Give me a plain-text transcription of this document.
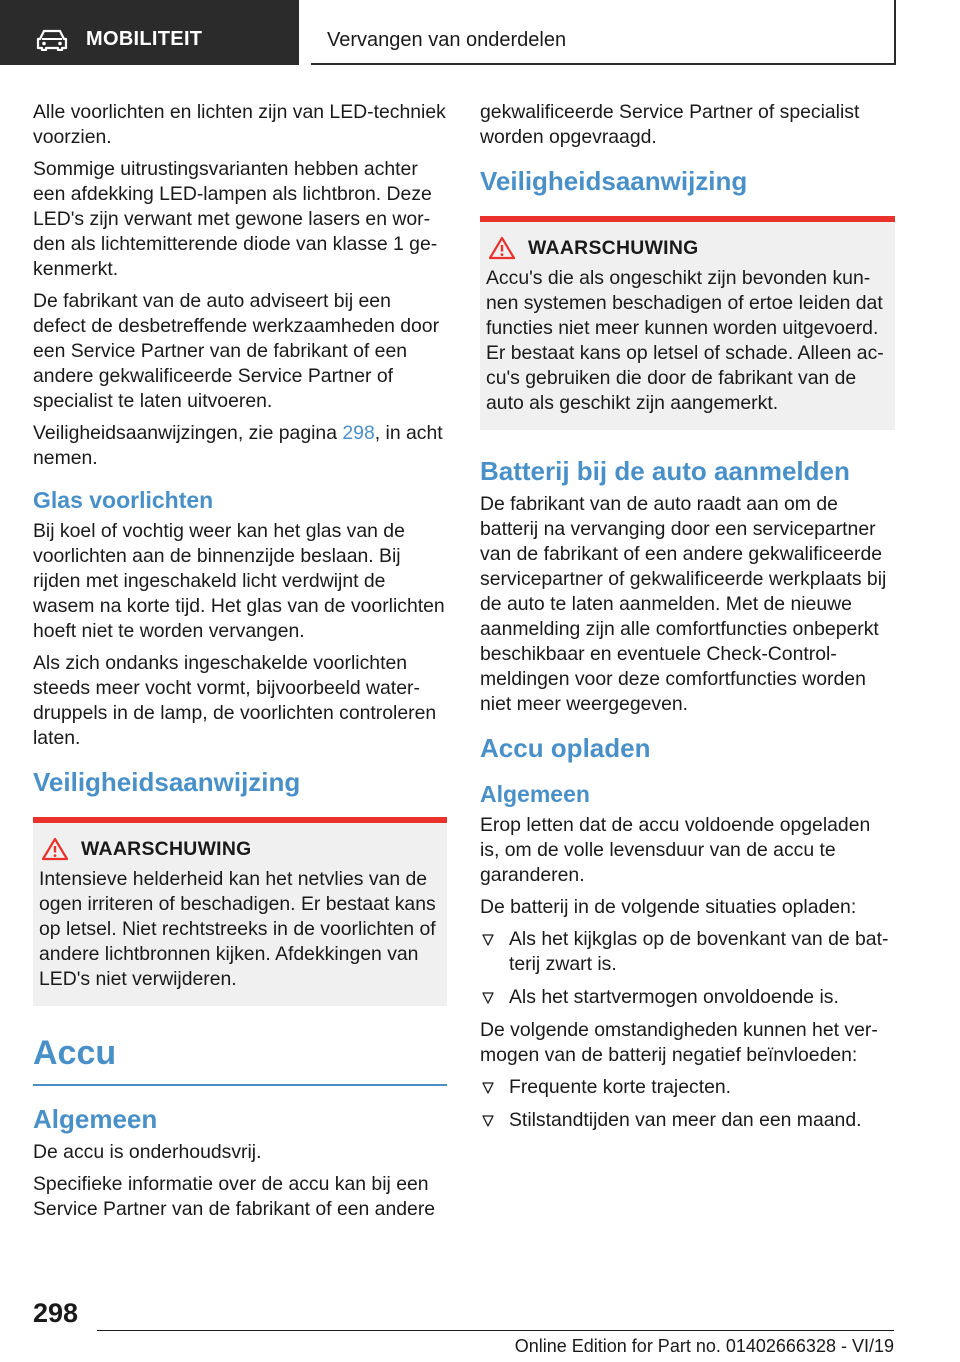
MOBILITEIT	Vervangen van onderdelen

Alle voorlichten en lichten zijn van LED-techniek voorzien.

Sommige uitrustingsvarianten hebben achter een afdekking LED-lampen als lichtbron. Deze LED's zijn verwant met gewone lasers en worden als lichtemitterende diode van klasse 1 gekenmerkt.

De fabrikant van de auto adviseert bij een defect de desbetreffende werkzaamheden door een Service Partner van de fabrikant of een andere gekwalificeerde Service Partner of specialist te laten uitvoeren.

Veiligheidsaanwijzingen, zie pagina 298, in acht nemen.

Glas voorlichten

Bij koel of vochtig weer kan het glas van de voorlichten aan de binnenzijde beslaan. Bij rijden met ingeschakeld licht verdwijnt de wasem na korte tijd. Het glas van de voorlichten hoeft niet te worden vervangen.

Als zich ondanks ingeschakelde voorlichten steeds meer vocht vormt, bijvoorbeeld waterdruppels in de lamp, de voorlichten controleren laten.

Veiligheidsaanwijzing
WAARSCHUWING

Intensieve helderheid kan het netvlies van de ogen irriteren of beschadigen. Er bestaat kans op letsel. Niet rechtstreeks in de voorlichten of andere lichtbronnen kijken. Afdekkingen van LED's niet verwijderen.

Accu
Algemeen

De accu is onderhoudsvrij.

Specifieke informatie over de accu kan bij een Service Partner van de fabrikant of een andere

gekwalificeerde Service Partner of specialist worden opgevraagd.

Veiligheidsaanwijzing
WAARSCHUWING

Accu's die als ongeschikt zijn bevonden kunnen systemen beschadigen of ertoe leiden dat functies niet meer kunnen worden uitgevoerd. Er bestaat kans op letsel of schade. Alleen accu's gebruiken die door de fabrikant van de auto als geschikt zijn aangemerkt.

Batterij bij de auto aanmelden

De fabrikant van de auto raadt aan om de batterij na vervanging door een servicepartner van de fabrikant of een andere gekwalificeerde servicepartner of gekwalificeerde werkplaats bij de auto te laten aanmelden. Met de nieuwe aanmelding zijn alle comfortfuncties onbeperkt beschikbaar en eventuele Check-Control-meldingen voor deze comfortfuncties worden niet meer weergegeven.

Accu opladen
Algemeen

Erop letten dat de accu voldoende opgeladen is, om de volle levensduur van de accu te garanderen.

De batterij in de volgende situaties opladen:

Als het kijkglas op de bovenkant van de batterij zwart is.
Als het startvermogen onvoldoende is.

De volgende omstandigheden kunnen het vermogen van de batterij negatief beïnvloeden:

Frequente korte trajecten.
Stilstandtijden van meer dan een maand.
298
Online Edition for Part no. 01402666328 - VI/19
